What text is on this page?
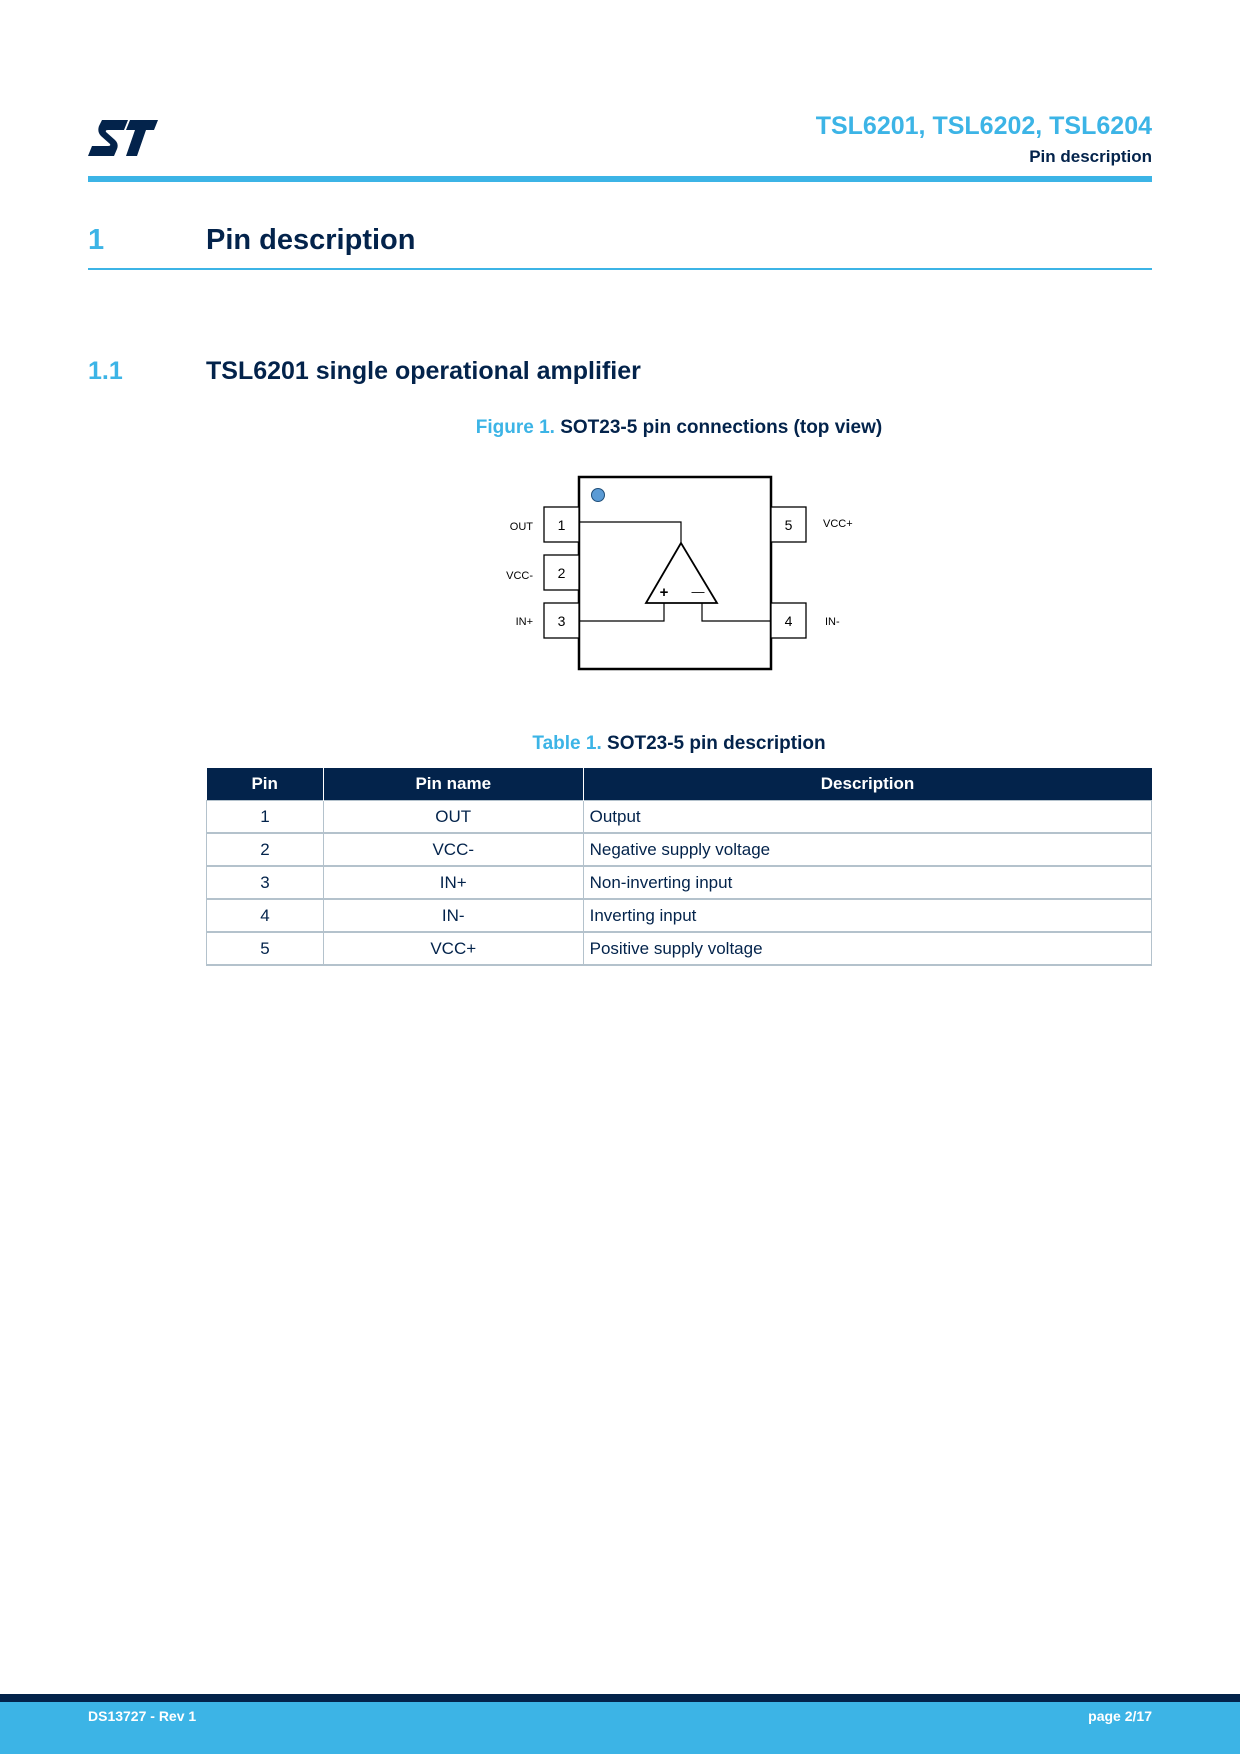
TSL6201, TSL6202, TSL6204
Pin description
1	Pin description
1.1	TSL6201 single operational amplifier
Figure 1. SOT23-5 pin connections (top view)
1
2
3
5
4
OUT
VCC-
IN+
VCC+
IN-
+ —
Table 1. SOT23-5 pin description
Pin	Pin name	Description
1	OUT	Output
2	VCC-	Negative supply voltage
3	IN+	Non-inverting input
4	IN-	Inverting input
5	VCC+	Positive supply voltage
DS13727 - Rev 1	page 2/17
